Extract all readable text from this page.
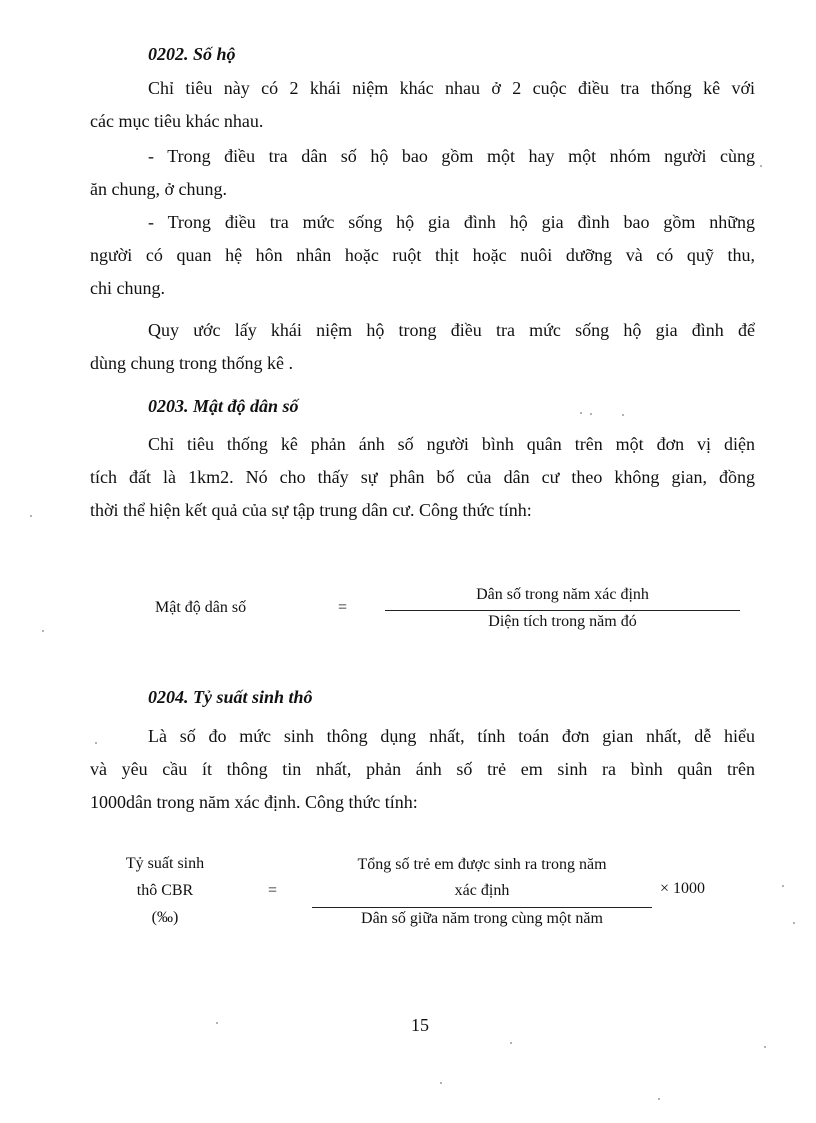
0202. Số hộ
Chỉ tiêu này có 2 khái niệm khác nhau ở 2 cuộc điều tra thống kê với
các mục tiêu khác nhau.
- Trong điều tra dân số hộ bao gồm một hay một nhóm người cùng
ăn chung, ở chung.
- Trong điều tra mức sống hộ gia đình hộ gia đình bao gồm những
người có quan hệ hôn nhân hoặc ruột thịt hoặc nuôi dưỡng và có quỹ thu,
chi chung.
Quy ước lấy khái niệm hộ trong điều tra mức sống hộ gia đình để
dùng chung trong thống kê .
0203. Mật độ dân số
Chỉ tiêu thống kê phản ánh số người bình quân trên một đơn vị diện
tích đất là 1km2. Nó cho thấy sự phân bố của dân cư theo không gian, đồng
thời thể hiện kết quả của sự tập trung dân cư. Công thức tính:
Mật độ dân số	=
Dân số trong năm xác định
Diện tích trong năm đó
0204. Tỷ suất sinh thô
Là số đo mức sinh thông dụng nhất, tính toán đơn gian nhất, dễ hiểu
và yêu cầu ít thông tin nhất, phản ánh số trẻ em sinh ra bình quân trên
1000dân trong năm xác định. Công thức tính:
Tỷ suất sinh
thô CBR
(‰)
=
Tổng số trẻ em được sinh ra trong năm
xác định
Dân số giữa năm trong cùng một năm
× 1000
15
